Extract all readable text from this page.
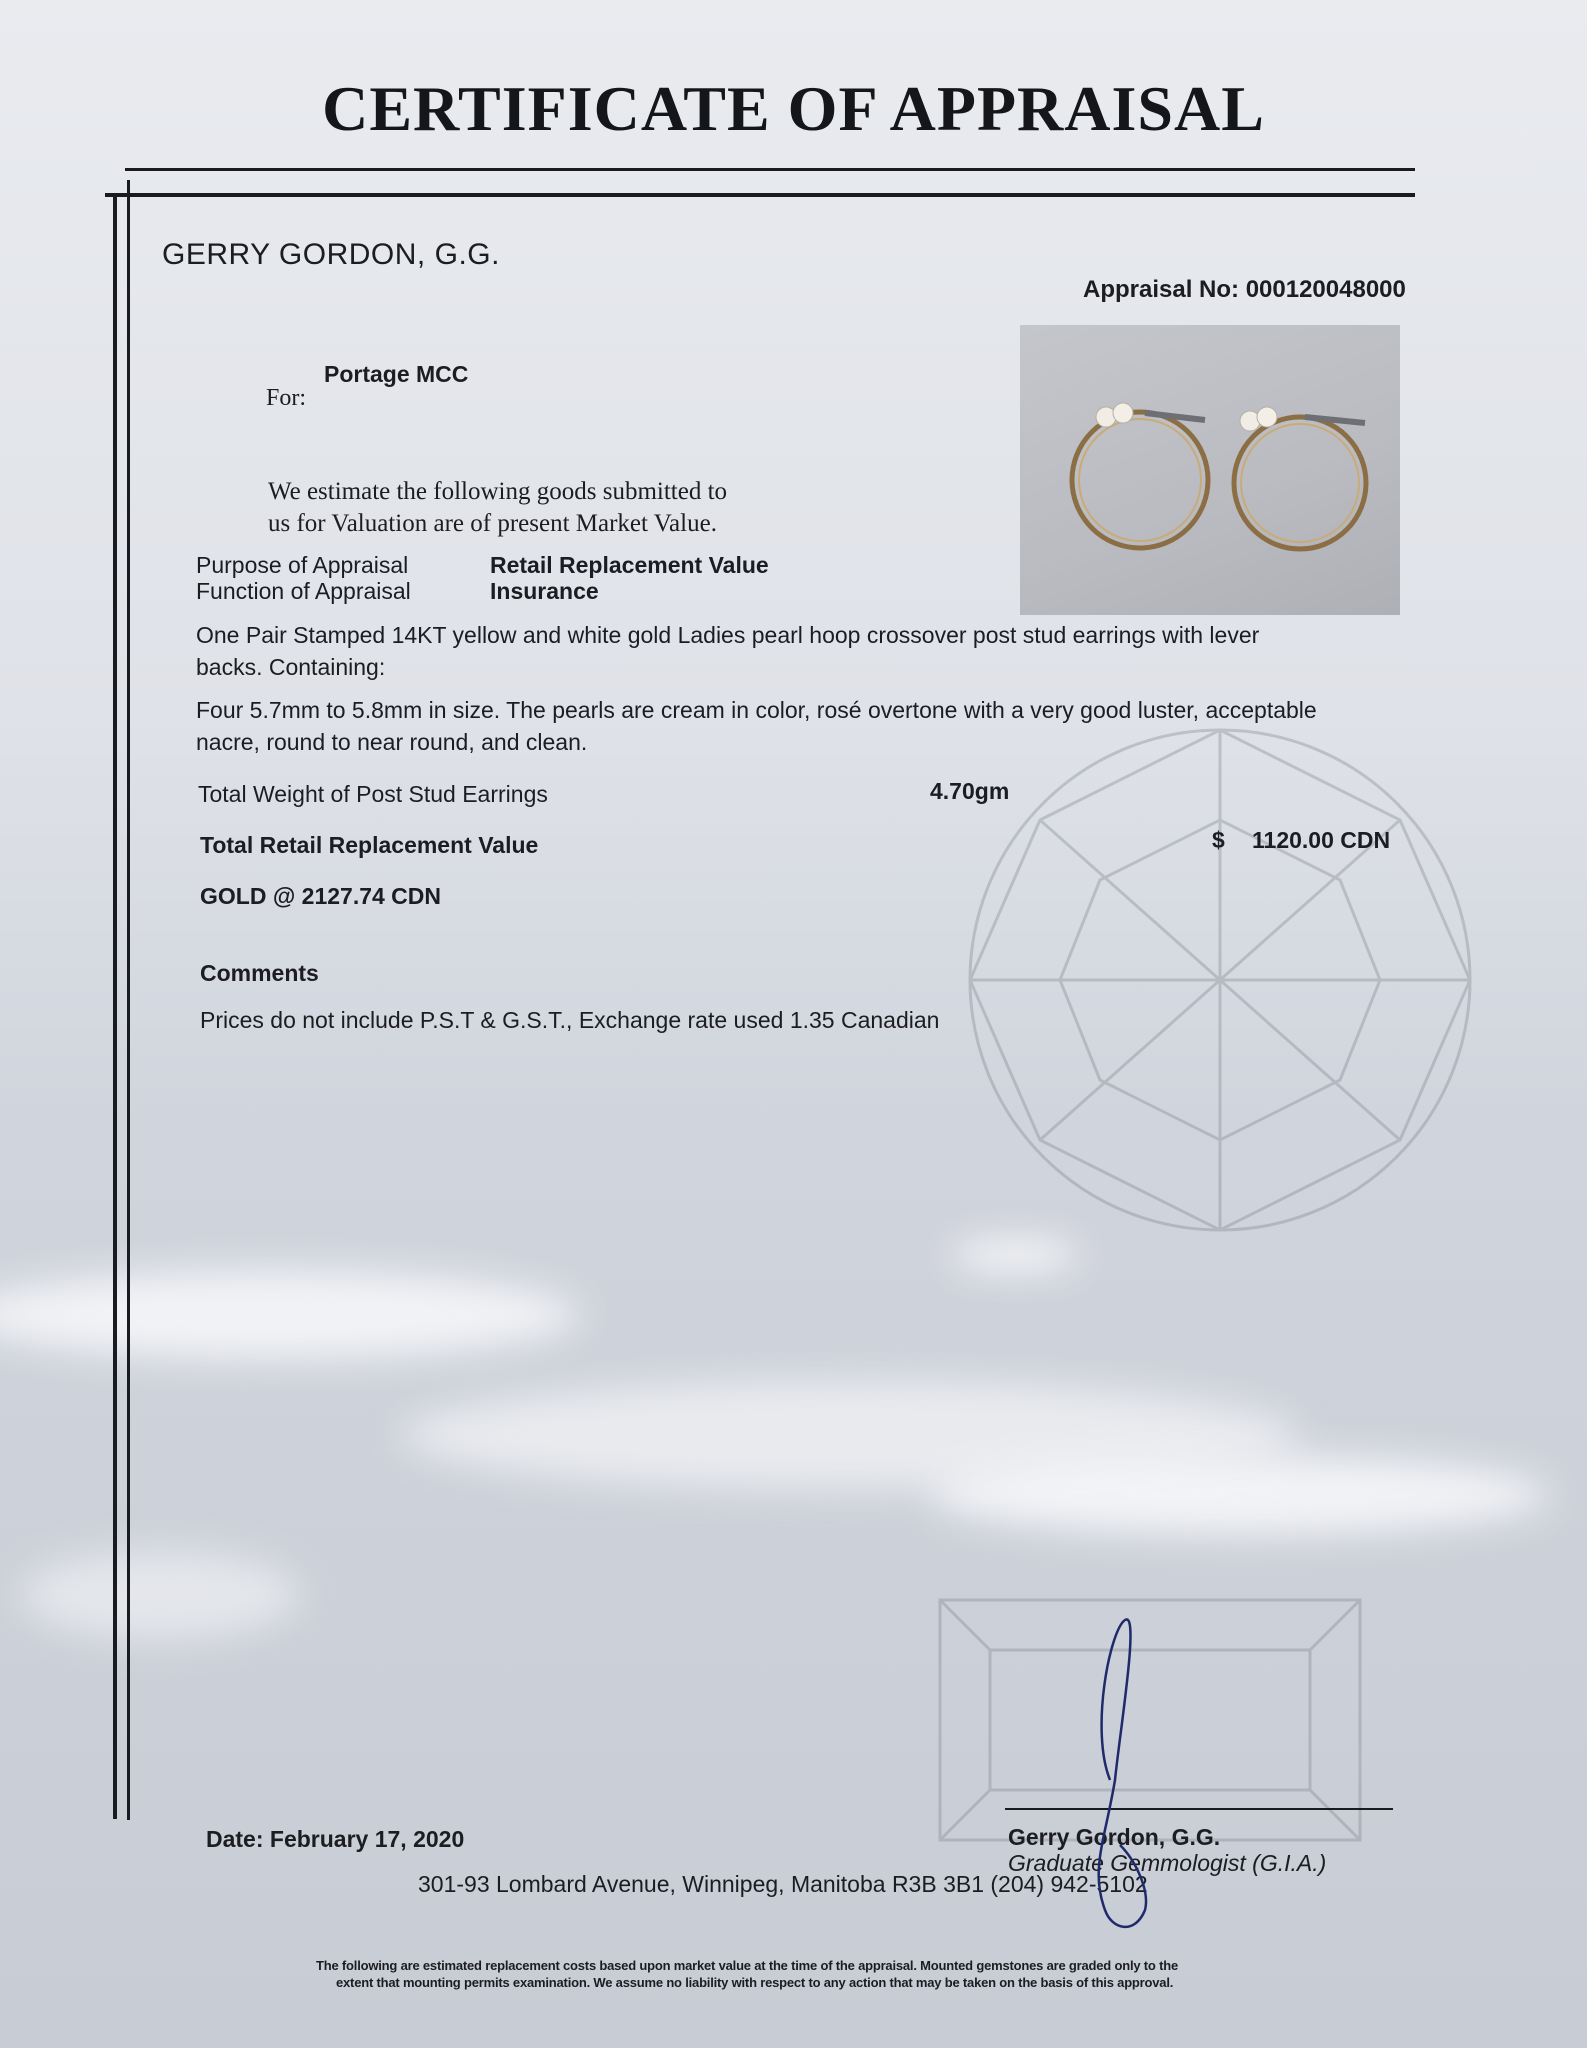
CERTIFICATE OF APPRAISAL
GERRY GORDON, G.G.
Appraisal No: 000120048000
Portage MCC
For:
We estimate the following goods submitted to
us for Valuation are of present Market Value.
Purpose of Appraisal	Retail Replacement Value
Function of Appraisal	Insurance
One Pair Stamped 14KT yellow and white gold Ladies pearl hoop crossover post stud earrings with lever
backs. Containing:
Four 5.7mm to 5.8mm in size. The pearls are cream in color, rosé overtone with a very good luster, acceptable
nacre, round to near round, and clean.
Total Weight of Post Stud Earrings	4.70gm
Total Retail Replacement Value	$ 1120.00 CDN
GOLD @ 2127.74 CDN
Comments
Prices do not include P.S.T & G.S.T., Exchange rate used 1.35 Canadian
Date: February 17, 2020	Gerry Gordon, G.G.
Graduate Gemmologist (G.I.A.)
301-93 Lombard Avenue, Winnipeg, Manitoba R3B 3B1 (204) 942-5102
The following are estimated replacement costs based upon market value at the time of the appraisal. Mounted gemstones are graded only to the
extent that mounting permits examination. We assume no liability with respect to any action that may be taken on the basis of this approval.
